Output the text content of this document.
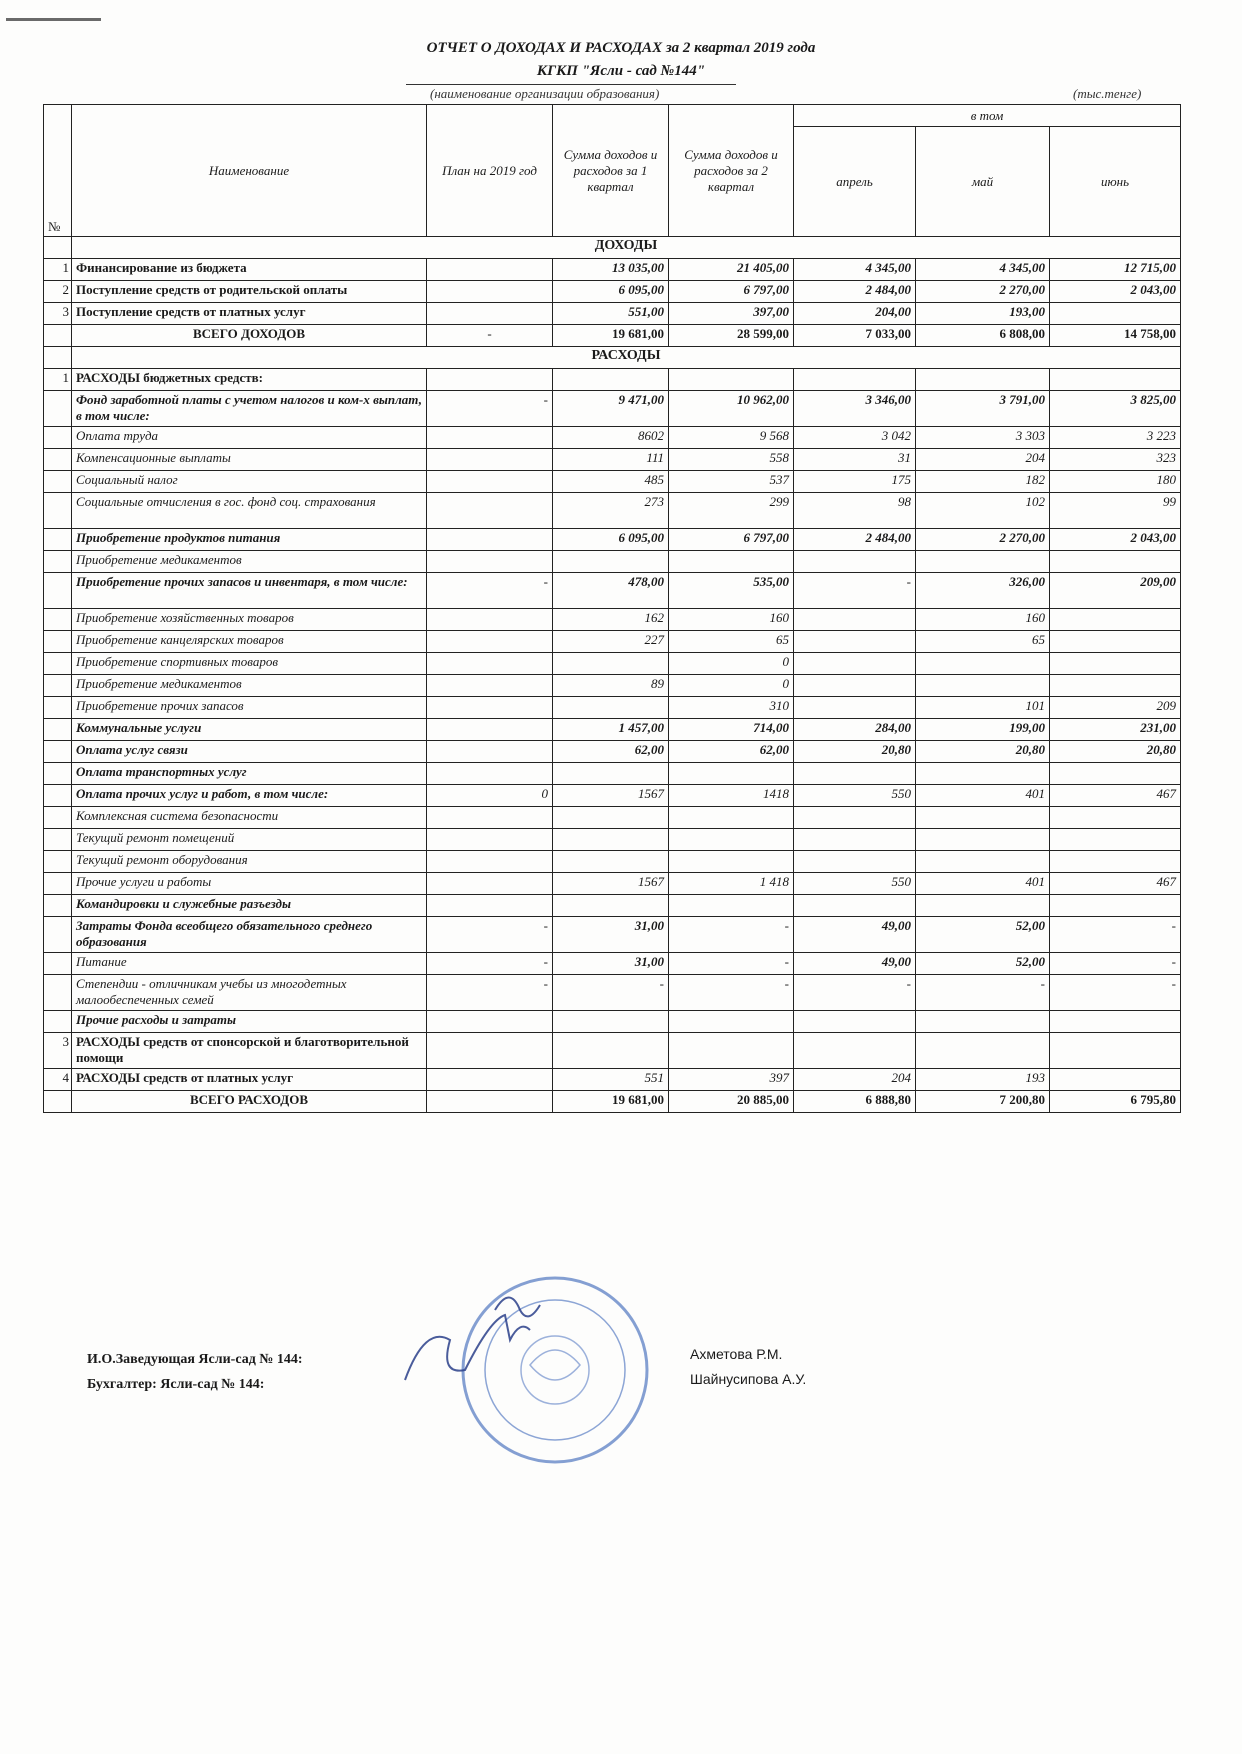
ОТЧЕТ О ДОХОДАХ И РАСХОДАХ за 2 квартал 2019 года
КГКП "Ясли - сад №144"
(наименование организации образования)	(тыс.тенге)
№	Наименование	План на 2019 год	Сумма доходов и расходов за 1 квартал	Сумма доходов и расходов за 2 квартал	в том		
					апрель	май	июнь
	ДОХОДЫ						
1	Финансирование из бюджета		13 035,00	21 405,00	4 345,00	4 345,00	12 715,00
2	Поступление средств от родительской оплаты		6 095,00	6 797,00	2 484,00	2 270,00	2 043,00
3	Поступление средств от платных услуг		551,00	397,00	204,00	193,00	
	ВСЕГО ДОХОДОВ	-	19 681,00	28 599,00	7 033,00	6 808,00	14 758,00
	РАСХОДЫ						
1	РАСХОДЫ бюджетных средств:						
	Фонд заработной платы с учетом налогов и ком-х выплат, в том числе:	-	9 471,00	10 962,00	3 346,00	3 791,00	3 825,00
	Оплата труда		8602	9 568	3 042	3 303	3 223
	Компенсационные выплаты		111	558	31	204	323
	Социальный налог		485	537	175	182	180
	Социальные отчисления в гос. фонд соц. страхования		273	299	98	102	99
	Приобретение продуктов питания		6 095,00	6 797,00	2 484,00	2 270,00	2 043,00
	Приобретение медикаментов						
	Приобретение прочих запасов и инвентаря, в том числе:	-	478,00	535,00	-	326,00	209,00
	Приобретение хозяйственных товаров		162	160		160	
	Приобретение канцелярских товаров		227	65		65	
	Приобретение спортивных товаров			0			
	Приобретение медикаментов		89	0			
	Приобретение прочих запасов			310		101	209
	Коммунальные услуги		1 457,00	714,00	284,00	199,00	231,00
	Оплата услуг связи		62,00	62,00	20,80	20,80	20,80
	Оплата транспортных услуг						
	Оплата прочих услуг и работ, в том числе:	0	1567	1418	550	401	467
	Комплексная система безопасности						
	Текущий ремонт помещений						
	Текущий ремонт оборудования						
	Прочие услуги и работы		1567	1 418	550	401	467
	Командировки и служебные разъезды						
	Затраты Фонда всеобщего обязательного среднего образования	-	31,00	-	49,00	52,00	-
	Питание	-	31,00	-	49,00	52,00	-
	Степендии - отличникам учебы из многодетных малообеспеченных семей	-	-	-	-	-	-
	Прочие расходы и затраты						
3	РАСХОДЫ средств от спонсорской и благотворительной помощи						
4	РАСХОДЫ средств от платных услуг		551	397	204	193	
	ВСЕГО РАСХОДОВ		19 681,00	20 885,00	6 888,80	7 200,80	6 795,80
И.О.Заведующая Ясли-сад № 144:
Бухгалтер: Ясли-сад № 144:
Ахметова Р.М.
Шайнусипова А.У.
